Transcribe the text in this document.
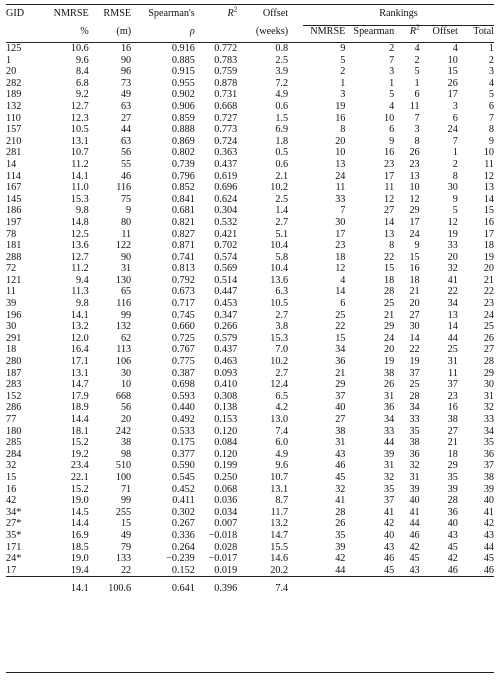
GID	NMRSE	RMSE	Spearman's	$R^2$	Offset		Rankings				
	%	(m)	ρ		(weeks)		NMRSE	Spearman	$R^2$	Offset	Total
125	10.6	16	0.916	0.772	0.8		9	2	4	4	1
1	9.6	90	0.885	0.783	2.5		5	7	2	10	2
20	8.4	96	0.915	0.759	3.9		2	3	5	15	3
282	6.8	73	0.955	0.878	7.2		1	1	1	26	4
189	9.2	49	0.902	0.731	4.9		3	5	6	17	5
132	12.7	63	0.906	0.668	0.6		19	4	11	3	6
110	12.3	27	0.859	0.727	1.5		16	10	7	6	7
157	10.5	44	0.888	0.773	6.9		8	6	3	24	8
210	13.1	63	0.869	0.724	1.8		20	9	8	7	9
281	10.7	56	0.802	0.363	0.5		10	16	26	1	10
14	11.2	55	0.739	0.437	0.6		13	23	23	2	11
114	14.1	46	0.796	0.619	2.1		24	17	13	8	12
167	11.0	116	0.852	0.696	10.2		11	11	10	30	13
145	15.3	75	0.841	0.624	2.5		33	12	12	9	14
186	9.8	9	0.681	0.304	1.4		7	27	29	5	15
197	14.8	80	0.821	0.532	2.7		30	14	17	12	16
78	12.5	11	0.827	0.421	5.1		17	13	24	19	17
181	13.6	122	0.871	0.702	10.4		23	8	9	33	18
288	12.7	90	0.741	0.574	5.8		18	22	15	20	19
72	11.2	31	0.813	0.569	10.4		12	15	16	32	20
121	9.4	130	0.792	0.514	13.6		4	18	18	41	21
11	11.3	65	0.673	0.447	6.3		14	28	21	22	22
39	9.8	116	0.717	0.453	10.5		6	25	20	34	23
196	14.1	99	0.745	0.347	2.7		25	21	27	13	24
30	13.2	132	0.660	0.266	3.8		22	29	30	14	25
291	12.0	62	0.725	0.579	15.3		15	24	14	44	26
18	16.4	113	0.767	0.437	7.0		34	20	22	25	27
280	17.1	106	0.775	0.463	10.2		36	19	19	31	28
187	13.1	30	0.387	0.093	2.7		21	38	37	11	29
283	14.7	10	0.698	0.410	12.4		29	26	25	37	30
152	17.9	668	0.593	0.308	6.5		37	31	28	23	31
286	18.9	56	0.440	0.138	4.2		40	36	34	16	32
77	14.4	20	0.492	0.153	13.0		27	34	33	38	33
180	18.1	242	0.533	0.120	7.4		38	33	35	27	34
285	15.2	38	0.175	0.084	6.0		31	44	38	21	35
284	19.2	98	0.377	0.120	4.9		43	39	36	18	36
32	23.4	510	0.590	0.199	9.6		46	31	32	29	37
15	22.1	100	0.545	0.250	10.7		45	32	31	35	38
16	15.2	71	0.452	0.068	13.1		32	35	39	39	39
42	19.0	99	0.411	0.036	8.7		41	37	40	28	40
34*	14.5	255	0.302	0.034	11.7		28	41	41	36	41
27*	14.4	15	0.267	0.007	13.2		26	42	44	40	42
35*	16.9	49	0.336	−0.018	14.7		35	40	46	43	43
171	18.5	79	0.264	0.028	15.5		39	43	42	45	44
24*	19.0	133	−0.239	−0.017	14.6		42	46	45	42	45
17	19.4	22	0.152	0.019	20.2		44	45	43	46	46
	14.1	100.6	0.641	0.396	7.4						
